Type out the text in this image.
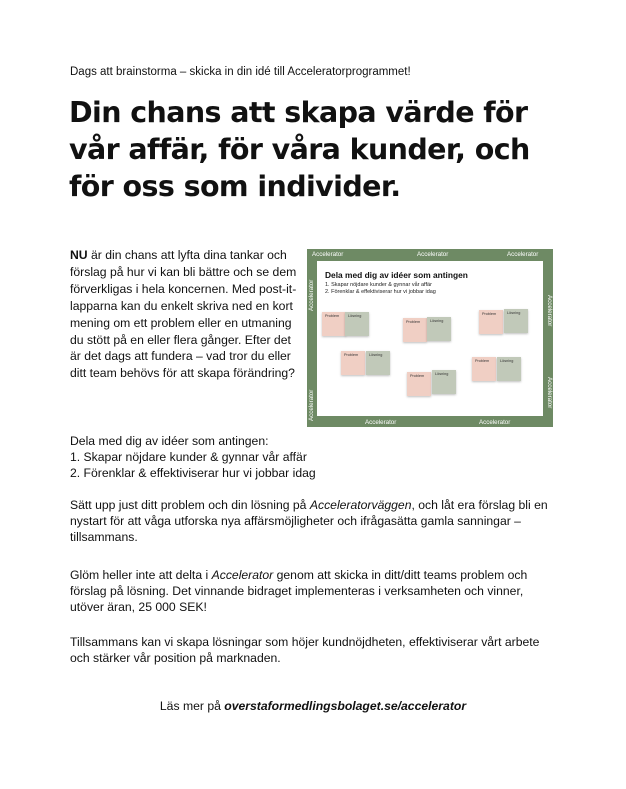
Dags att brainstorma – skicka in din idé till Acceleratorprogrammet!
Din chans att skapa värde för vår affär, för våra kunder, och för oss som individer.

NU är din chans att lyfta dina tankar och förslag på hur vi kan bli bättre och se dem förverkligas i hela koncernen. Med post-it-lapparna kan du enkelt skriva ned en kort mening om ett problem eller en utmaning du stött på en eller flera gånger. Efter det är det dags att fundera – vad tror du eller ditt team behövs för att skapa förändring?

Accelerator	Accelerator	Accelerator
Accelerator	Accelerator
Accelerator
Accelerator
Accelerator
Accelerator
Dela med dig av idéer som antingen
1. Skapar nöjdare kunder & gynnar vår affär
2. Förenklar & effektiviserar hur vi jobbar idag
Problem	Lösning
Problem	Lösning
Problem	Lösning
Problem	Lösning
Problem	Lösning
Problem	Lösning
Dela med dig av idéer som antingen:
1. Skapar nöjdare kunder & gynnar vår affär
2. Förenklar & effektiviserar hur vi jobbar idag

Sätt upp just ditt problem och din lösning på Acceleratorväggen, och låt era förslag bli en nystart för att våga utforska nya affärsmöjligheter och ifrågasätta gamla sanningar – tillsammans.

Glöm heller inte att delta i Accelerator genom att skicka in ditt/ditt teams problem och förslag på lösning. Det vinnande bidraget implementeras i verksamheten och vinner, utöver äran, 25 000 SEK!

Tillsammans kan vi skapa lösningar som höjer kundnöjdheten, effektiviserar vårt arbete och stärker vår position på marknaden.

Läs mer på overstaformedlingsbolaget.se/accelerator
